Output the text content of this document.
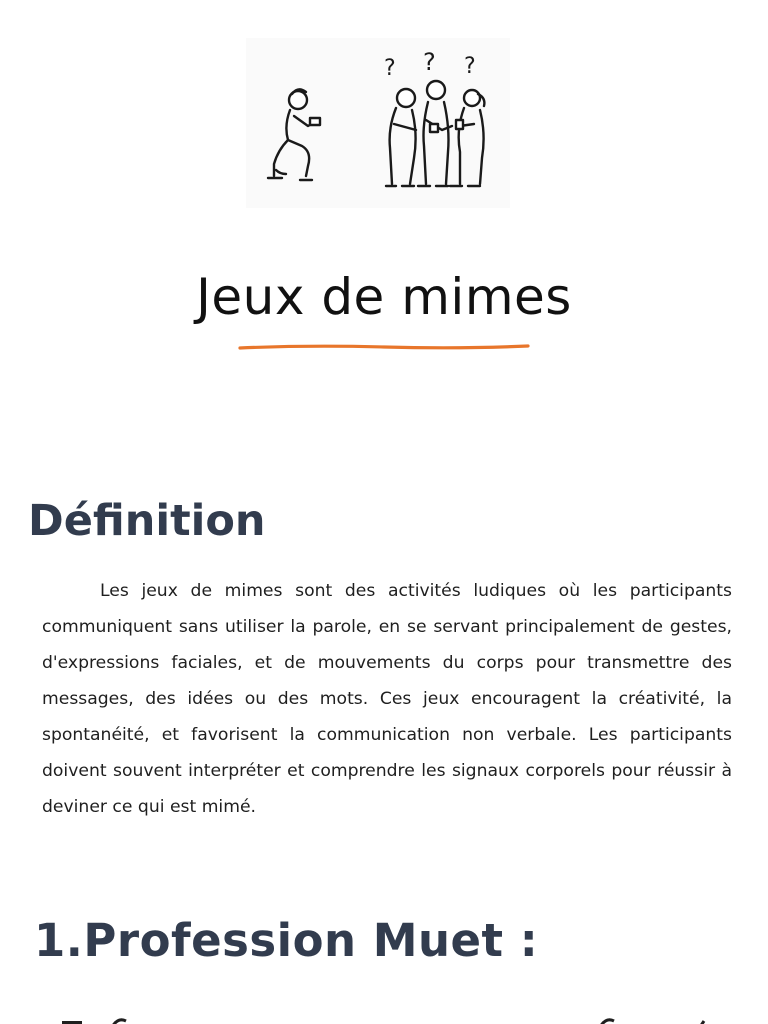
? ? ?
Jeux de mimes
Définition

Les jeux de mimes sont des activités ludiques où les participants communiquent sans utiliser la parole, en se servant principalement de gestes, d'expressions faciales, et de mouvements du corps pour transmettre des messages, des idées ou des mots. Ces jeux encouragent la créativité, la spontanéité, et favorisent la communication non verbale. Les participants doivent souvent interpréter et comprendre les signaux corporels pour réussir à deviner ce qui est mimé.

1.Profession Muet :
